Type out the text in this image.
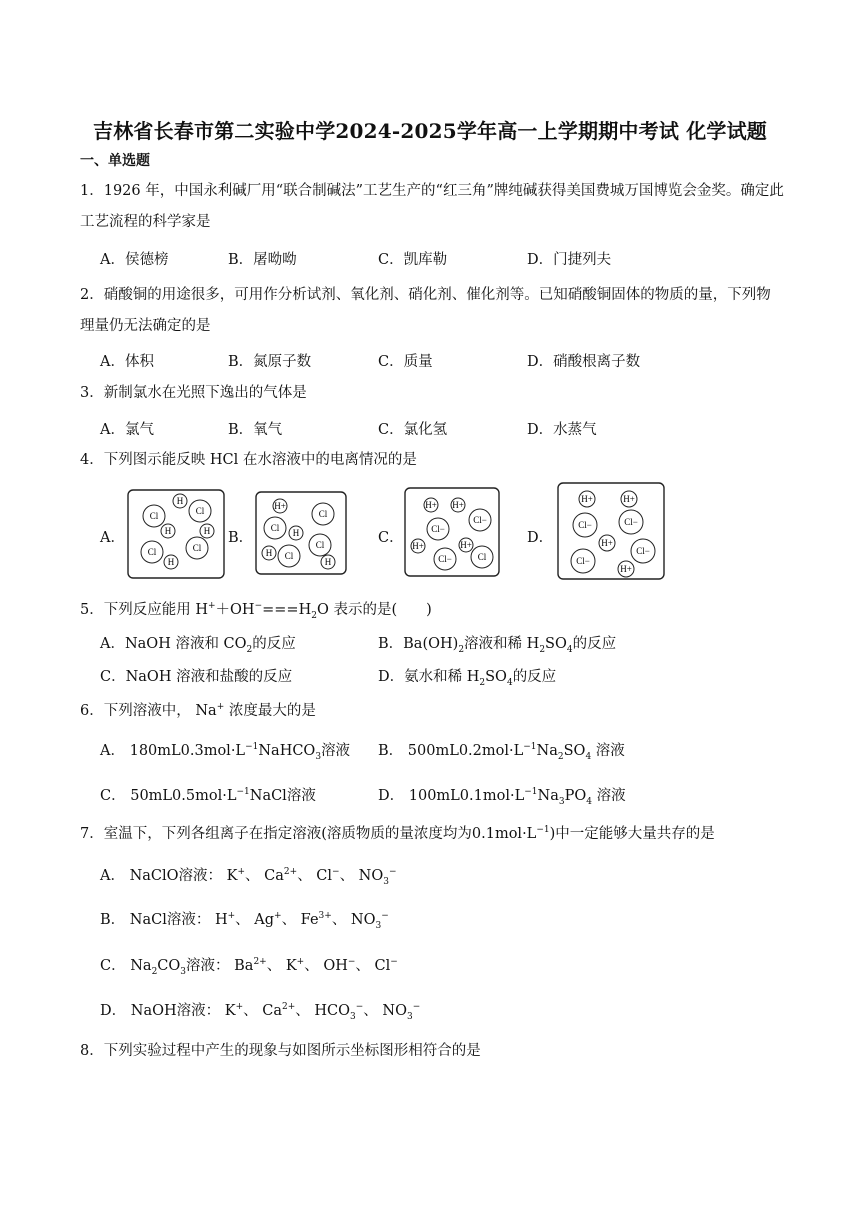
吉林省长春市第二实验中学2024-2025学年高一上学期期中考试 化学试题
一、单选题
1．1926 年，中国永利碱厂用“联合制碱法”工艺生产的“红三角”牌纯碱获得美国费城万国博览会金奖。确定此工艺流程的科学家是
A．侯德榜	B．屠呦呦	C．凯库勒	D．门捷列夫
2．硝酸铜的用途很多，可用作分析试剂、氧化剂、硝化剂、催化剂等。已知硝酸铜固体的物质的量，下列物理量仍无法确定的是
A．体积	B．氮原子数	C．质量	D．硝酸根离子数
3．新制氯水在光照下逸出的气体是
A．氯气	B．氧气	C．氯化氢	D．水蒸气
4．下列图示能反映 HCl 在水溶液中的电离情况的是
A．
Cl
H
Cl
H	H
Cl	Cl
H
B．
H+
Cl
Cl H
Cl
H Cl
H
C．
H+ H+
Cl−
Cl−
H+	H+
Cl−	Cl
D．
H+	H+
Cl−	Cl−
H+
Cl−
Cl−
H+
5．下列反应能用 $H^++OH^-===H_2O$ 表示的是(　　)
A．NaOH 溶液和 $CO_2$的反应	B．$Ba(OH)_2$溶液和稀 $H_2SO_4$的反应
C．NaOH 溶液和盐酸的反应	D．氨水和稀 $H_2SO_4$的反应
6．下列溶液中， Na+ 浓度最大的是
A． $180mL0.3mol\cdot L^{-1}NaHCO_3$溶液 B． $500mL0.2mol\cdot L^{-1}Na_2SO_4$ 溶液
C． $50mL0.5mol\cdot L^{-1}NaCl$溶液	D． $100mL0.1mol\cdot L^{-1}Na_3PO_4$ 溶液
7．室温下，下列各组离子在指定溶液(溶质物质的量浓度均为$0.1mol\cdot L^{-1}$)中一定能够大量共存的是
A． NaClO溶液： K+、 $Ca^{2+}$、 Cl−、 $NO_3^-$
B． NaCl溶液： H+、 Ag+、 $Fe^{3+}$、 $NO_3^-$
C． $Na_2CO_3$溶液： $Ba^{2+}$、 K+、 OH−、 Cl−
D． NaOH溶液： K+、 $Ca^{2+}$、 $HCO_3^-$、 $NO_3^-$
8．下列实验过程中产生的现象与如图所示坐标图形相符合的是
